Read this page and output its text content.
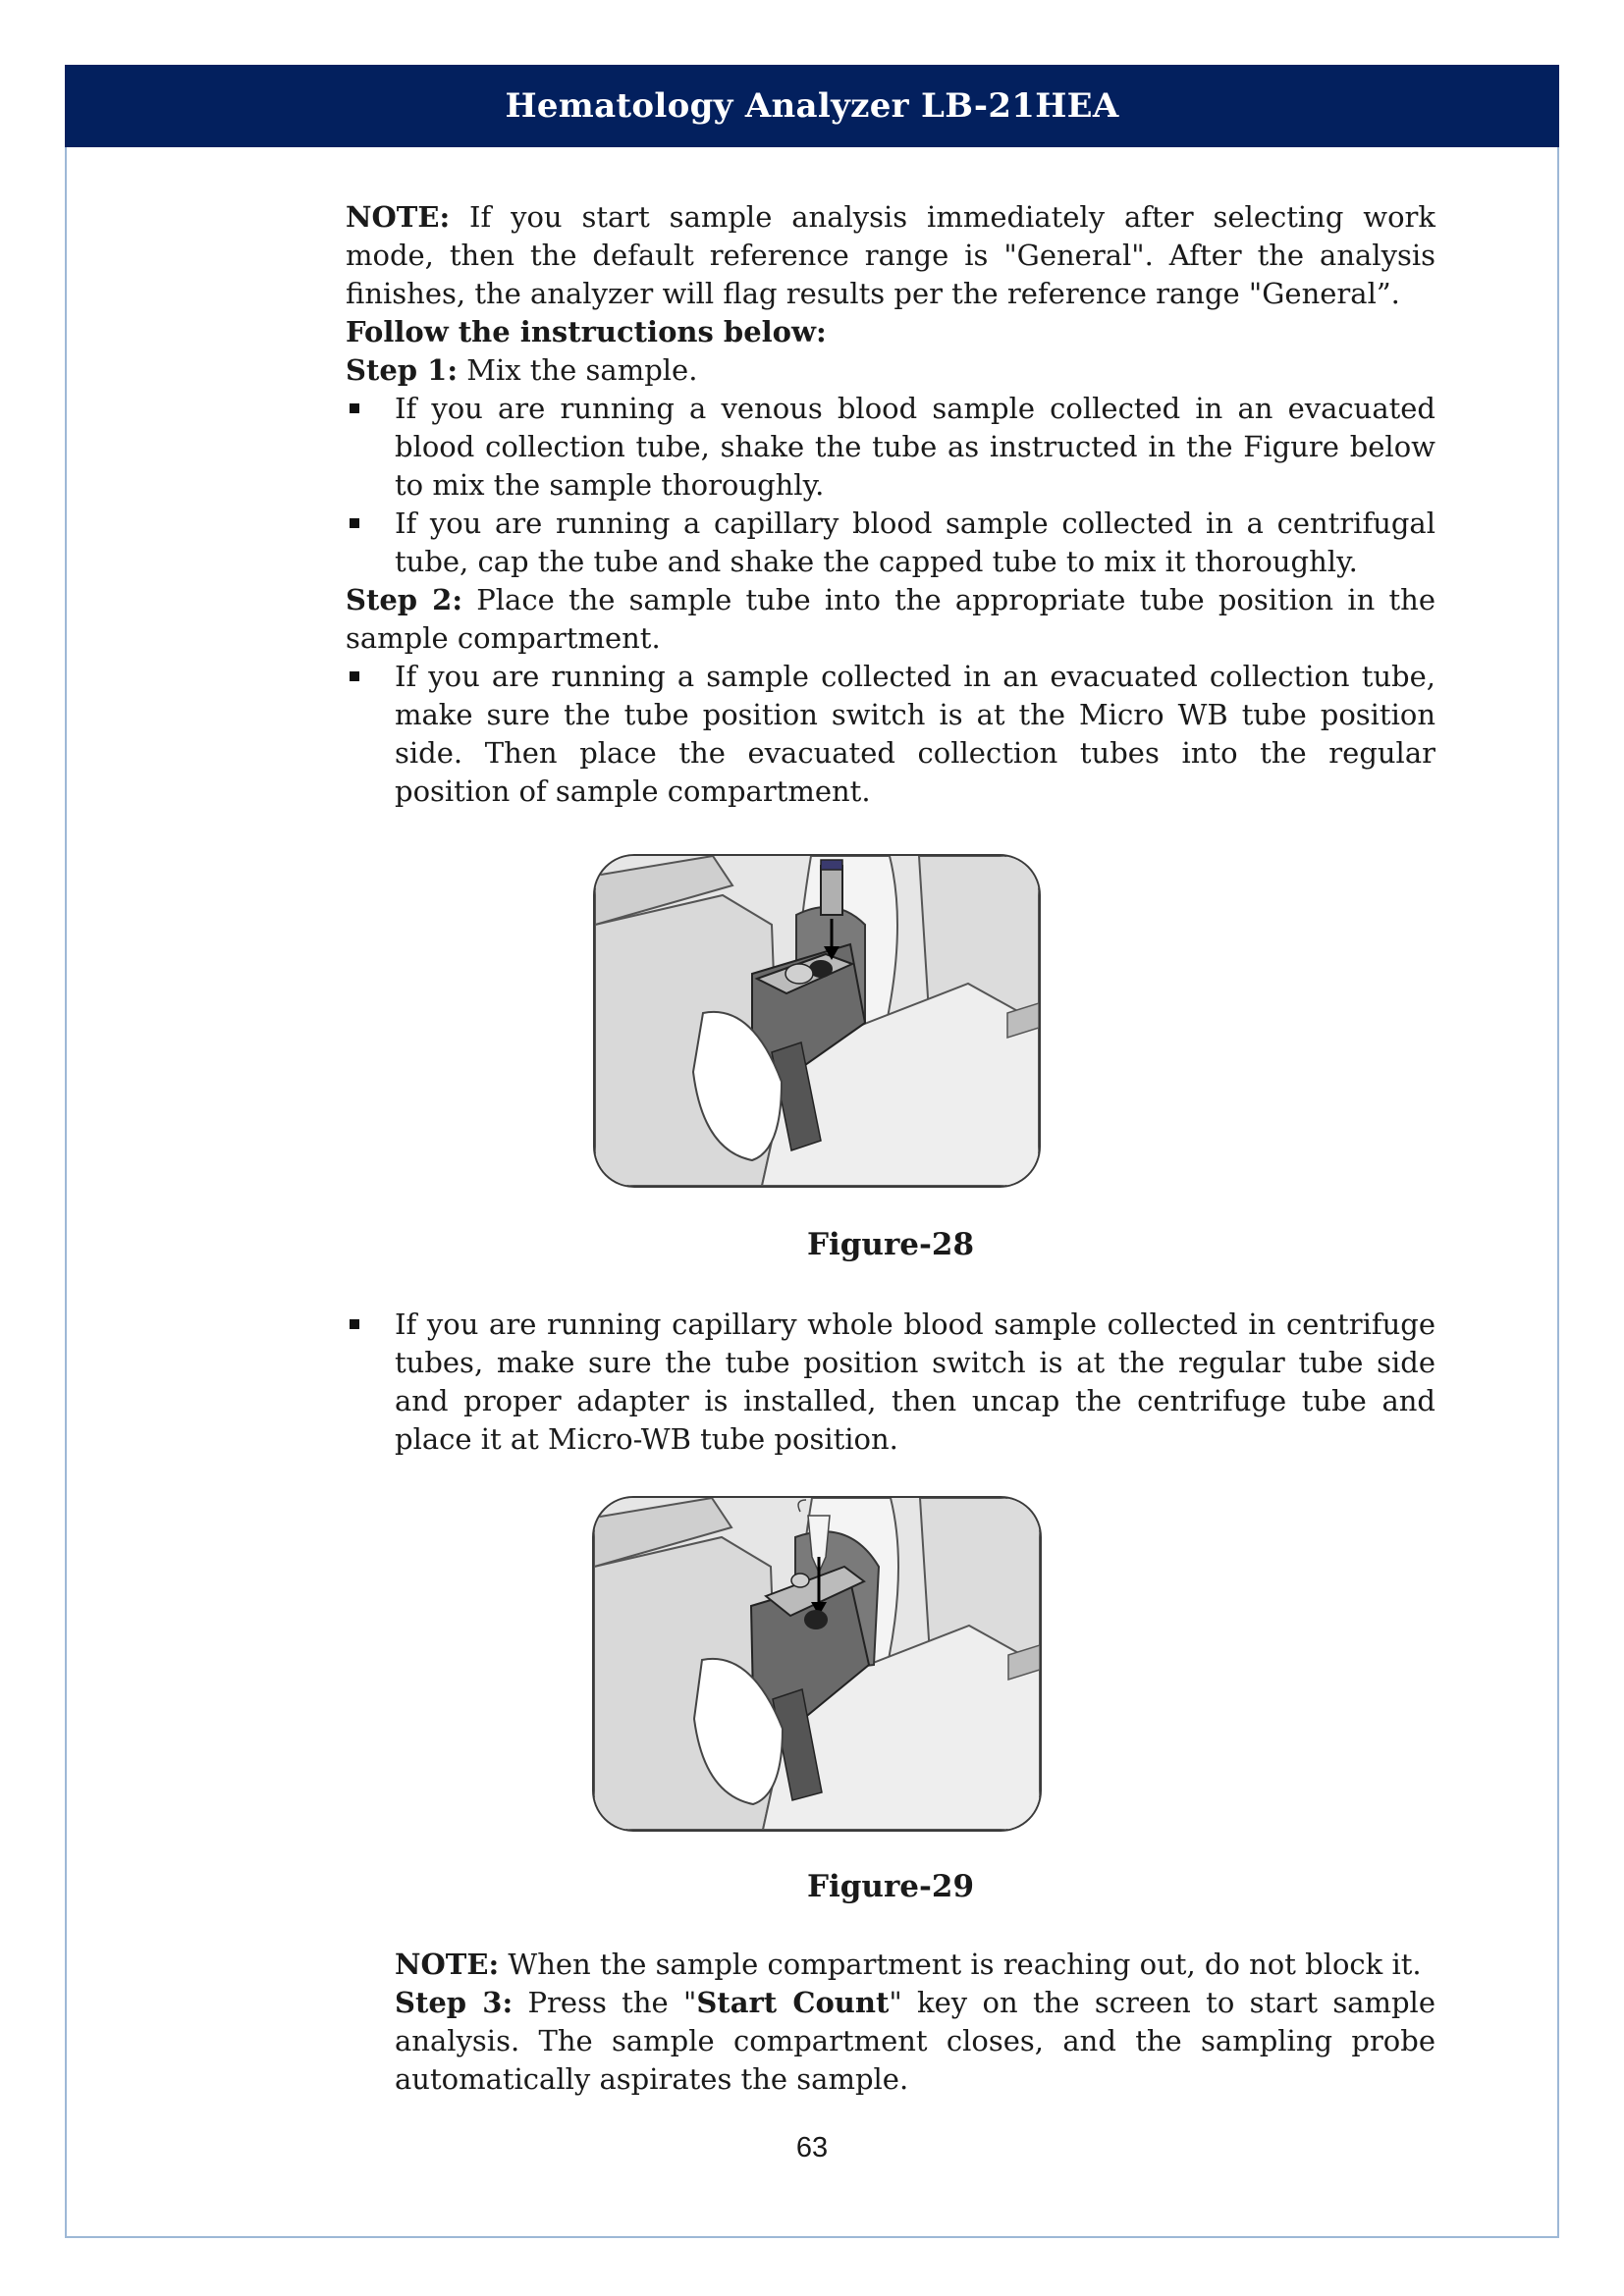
Hematology Analyzer LB-21HEA

NOTE: If you start sample analysis immediately after selecting work mode, then the default reference range is "General". After the analysis finishes, the analyzer will flag results per the reference range "General”.

Follow the instructions below:

Step 1: Mix the sample.

If you are running a venous blood sample collected in an evacuated blood collection tube, shake the tube as instructed in the Figure below to mix the sample thoroughly.
If you are running a capillary blood sample collected in a centrifugal tube, cap the tube and shake the capped tube to mix it thoroughly.

Step 2: Place the sample tube into the appropriate tube position in the sample compartment.

If you are running a sample collected in an evacuated collection tube, make sure the tube position switch is at the Micro WB tube position side. Then place the evacuated collection tubes into the regular position of sample compartment.
Figure-28
If you are running capillary whole blood sample collected in centrifuge tubes, make sure the tube position switch is at the regular tube side and proper adapter is installed, then uncap the centrifuge tube and place it at Micro-WB tube position.
Figure-29

NOTE: When the sample compartment is reaching out, do not block it.

Step 3: Press the "Start Count" key on the screen to start sample analysis. The sample compartment closes, and the sampling probe automatically aspirates the sample.

63
